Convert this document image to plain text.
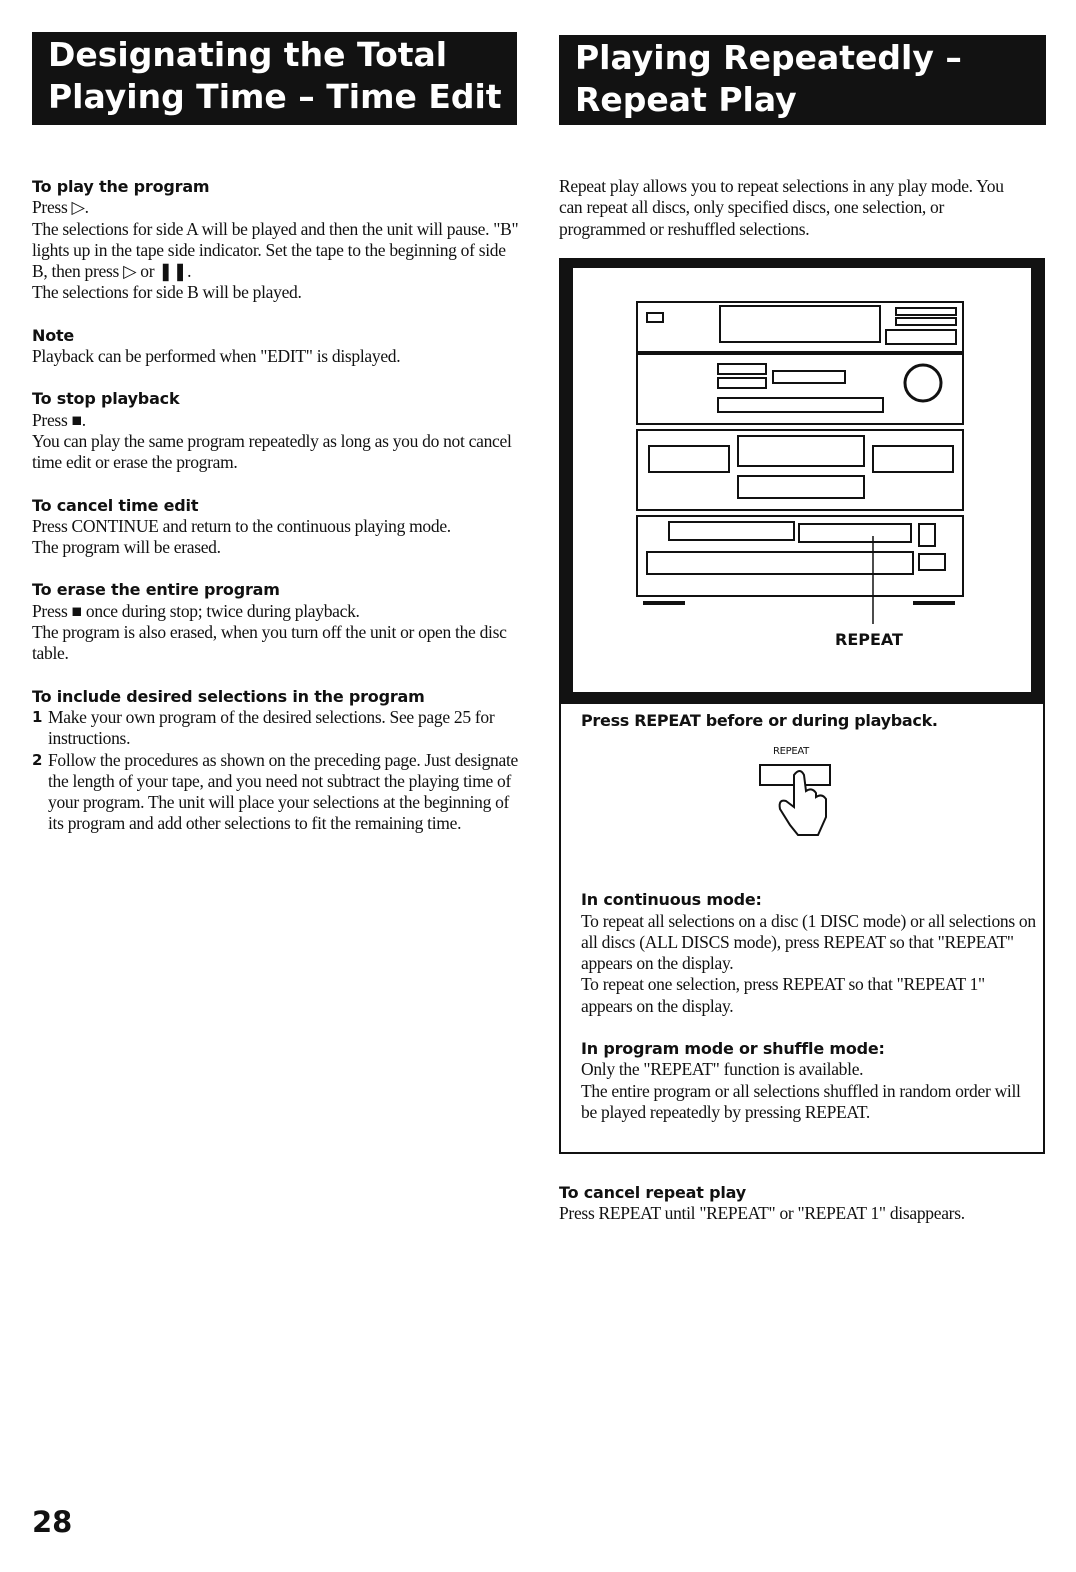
Designating the Total
Playing Time – Time Edit
Playing Repeatedly –
Repeat Play
To play the program

Press ▷.

The selections for side A will be played and then the unit will pause. "B" lights up in the tape side indicator. Set the tape to the beginning of side B, then press ▷ or ❚❚.

The selections for side B will be played.

Note

Playback can be performed when "EDIT" is displayed.

To stop playback

Press ■.

You can play the same program repeatedly as long as you do not cancel time edit or erase the program.

To cancel time edit

Press CONTINUE and return to the continuous playing mode.

The program will be erased.

To erase the entire program

Press ■ once during stop; twice during playback.

The program is also erased, when you turn off the unit or open the disc table.

To include desired selections in the program
1 Make your own program of the desired selections. See page 25 for instructions.
2 Follow the procedures as shown on the preceding page. Just designate the length of your tape, and you need not subtract the playing time of your program. The unit will place your selections at the beginning of its program and add other selections to fit the remaining time.
Repeat play allows you to repeat selections in any play mode. You can repeat all discs, only specified discs, one selection, or programmed or reshuffled selections.
REPEAT
Press REPEAT before or during playback.
REPEAT
In continuous mode:

To repeat all selections on a disc (1 DISC mode) or all selections on all discs (ALL DISCS mode), press REPEAT so that "REPEAT" appears on the display.

To repeat one selection, press REPEAT so that "REPEAT 1" appears on the display.

In program mode or shuffle mode:

Only the "REPEAT" function is available.

The entire program or all selections shuffled in random order will be played repeatedly by pressing REPEAT.

To cancel repeat play

Press REPEAT until "REPEAT" or "REPEAT 1" disappears.

28
